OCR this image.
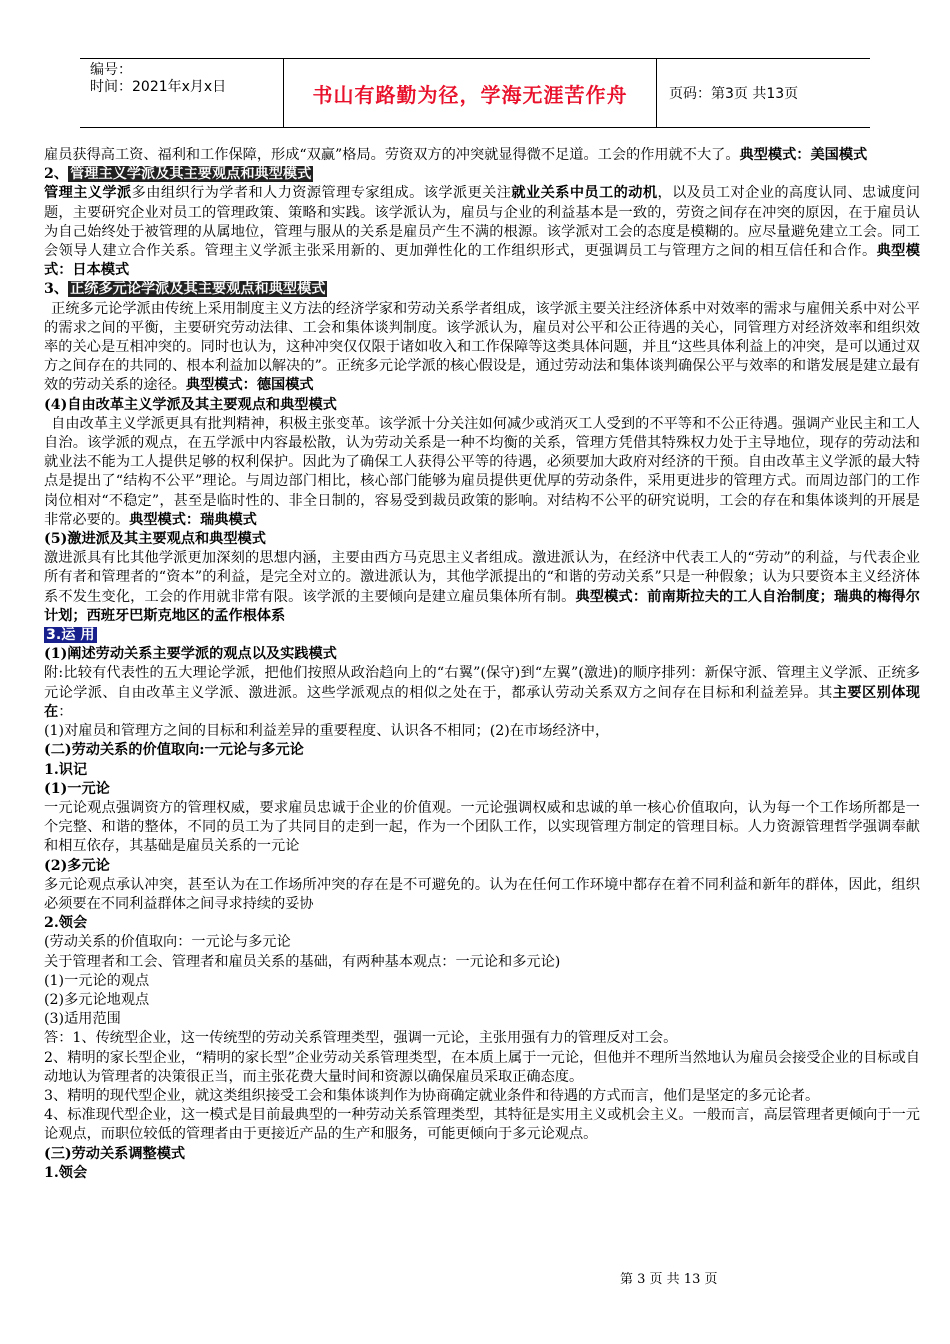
编号：
时间：2021年x月x日	书山有路勤为径，学海无涯苦作舟	页码：第3页 共13页

雇员获得高工资、福利和工作保障，形成“双赢”格局。劳资双方的冲突就显得微不足道。工会的作用就不大了。典型模式：美国模式

2、 管理主义学派及其主要观点和典型模式

管理主义学派多由组织行为学者和人力资源管理专家组成。该学派更关注就业关系中员工的动机，以及员工对企业的高度认同、忠诚度问题，主要研究企业对员工的管理政策、策略和实践。该学派认为，雇员与企业的利益基本是一致的，劳资之间存在冲突的原因，在于雇员认为自己始终处于被管理的从属地位，管理与服从的关系是雇员产生不满的根源。该学派对工会的态度是模糊的。应尽量避免建立工会。同工会领导人建立合作关系。管理主义学派主张采用新的、更加弹性化的工作组织形式，更强调员工与管理方之间的相互信任和合作。典型模式：日本模式

3、 正统多元论学派及其主要观点和典型模式

正统多元论学派由传统上采用制度主义方法的经济学家和劳动关系学者组成，该学派主要关注经济体系中对效率的需求与雇佣关系中对公平的需求之间的平衡，主要研究劳动法律、工会和集体谈判制度。该学派认为，雇员对公平和公正待遇的关心，同管理方对经济效率和组织效率的关心是互相冲突的。同时也认为，这种冲突仅仅限于诸如收入和工作保障等这类具体问题，并且“这些具体利益上的冲突，是可以通过双方之间存在的共同的、根本利益加以解决的”。正统多元论学派的核心假设是，通过劳动法和集体谈判确保公平与效率的和谐发展是建立最有效的劳动关系的途径。典型模式：德国模式

(4)自由改革主义学派及其主要观点和典型模式

自由改革主义学派更具有批判精神，积极主张变革。该学派十分关注如何减少或消灭工人受到的不平等和不公正待遇。强调产业民主和工人自治。该学派的观点，在五学派中内容最松散，认为劳动关系是一种不均衡的关系，管理方凭借其特殊权力处于主导地位，现存的劳动法和就业法不能为工人提供足够的权利保护。因此为了确保工人获得公平等的待遇，必须要加大政府对经济的干预。自由改革主义学派的最大特点是提出了“结构不公平”理论。与周边部门相比，核心部门能够为雇员提供更优厚的劳动条件，采用更进步的管理方式。而周边部门的工作岗位相对“不稳定”，甚至是临时性的、非全日制的，容易受到裁员政策的影响。对结构不公平的研究说明，工会的存在和集体谈判的开展是非常必要的。典型模式：瑞典模式

(5)激进派及其主要观点和典型模式

激进派具有比其他学派更加深刻的思想内涵，主要由西方马克思主义者组成。激进派认为，在经济中代表工人的“劳动”的利益，与代表企业所有者和管理者的“资本”的利益，是完全对立的。激进派认为，其他学派提出的“和谐的劳动关系”只是一种假象；认为只要资本主义经济体系不发生变化，工会的作用就非常有限。该学派的主要倾向是建立雇员集体所有制。典型模式：前南斯拉夫的工人自治制度；瑞典的梅得尔计划；西班牙巴斯克地区的孟作根体系

3.运 用

(1)阐述劳动关系主要学派的观点以及实践模式

附:比较有代表性的五大理论学派，把他们按照从政治趋向上的“右翼”(保守)到“左翼”(激进)的顺序排列：新保守派、管理主义学派、正统多元论学派、自由改革主义学派、激进派。这些学派观点的相似之处在于，都承认劳动关系双方之间存在目标和利益差异。其主要区别体现在：

(1)对雇员和管理方之间的目标和利益差异的重要程度、认识各不相同；(2)在市场经济中，

(二)劳动关系的价值取向:一元论与多元论

1.识记

(1)一元论

一元论观点强调资方的管理权威，要求雇员忠诚于企业的价值观。一元论强调权威和忠诚的单一核心价值取向，认为每一个工作场所都是一个完整、和谐的整体，不同的员工为了共同目的走到一起，作为一个团队工作，以实现管理方制定的管理目标。人力资源管理哲学强调奉献和相互依存，其基础是雇员关系的一元论

(2)多元论

多元论观点承认冲突，甚至认为在工作场所冲突的存在是不可避免的。认为在任何工作环境中都存在着不同利益和新年的群体，因此，组织必须要在不同利益群体之间寻求持续的妥协

2.领会

(劳动关系的价值取向：一元论与多元论

关于管理者和工会、管理者和雇员关系的基础，有两种基本观点：一元论和多元论)

(1)一元论的观点

(2)多元论地观点

(3)适用范围

答：1、传统型企业，这一传统型的劳动关系管理类型，强调一元论，主张用强有力的管理反对工会。

2、精明的家长型企业，“精明的家长型”企业劳动关系管理类型，在本质上属于一元论，但他并不理所当然地认为雇员会接受企业的目标或自动地认为管理者的决策很正当，而主张花费大量时间和资源以确保雇员采取正确态度。

3、精明的现代型企业，就这类组织接受工会和集体谈判作为协商确定就业条件和待遇的方式而言，他们是坚定的多元论者。

4、标准现代型企业，这一模式是目前最典型的一种劳动关系管理类型，其特征是实用主义或机会主义。一般而言，高层管理者更倾向于一元论观点，而职位较低的管理者由于更接近产品的生产和服务，可能更倾向于多元论观点。

(三)劳动关系调整模式

1.领会

第 3 页 共 13 页
